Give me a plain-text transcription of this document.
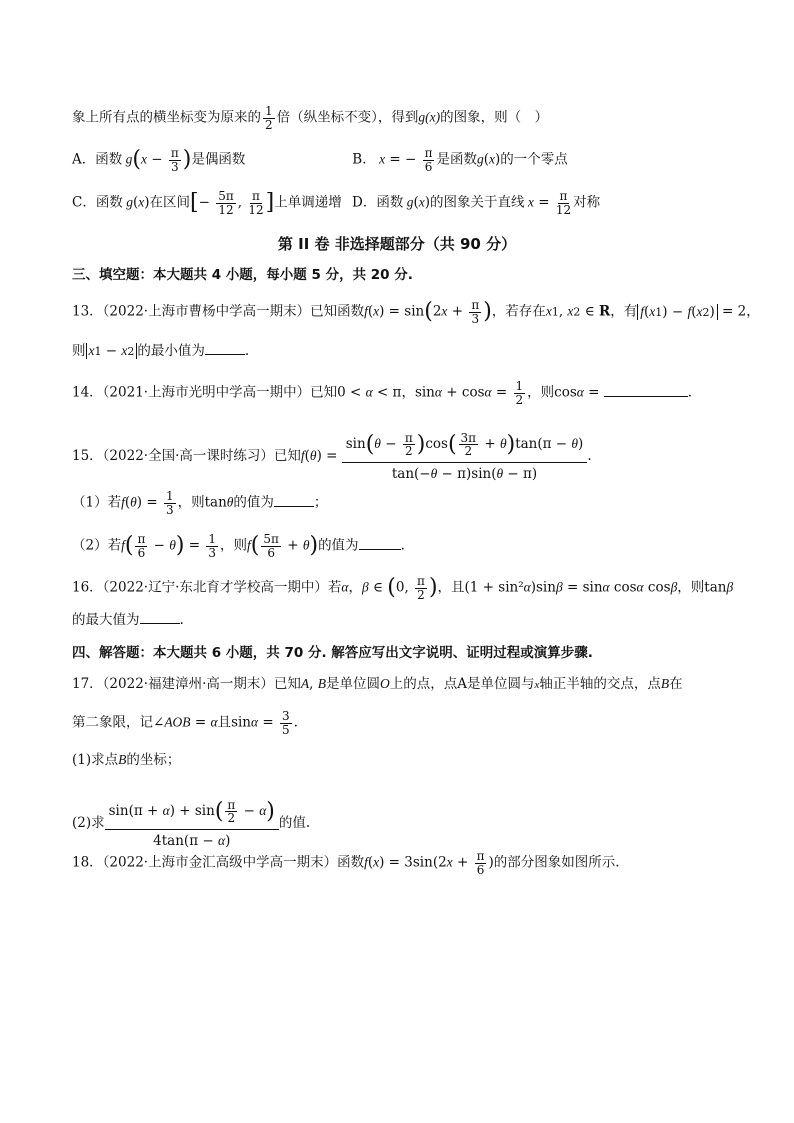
象上所有点的横坐标变为原来的 $\frac{1}{2}$ 倍（纵坐标不变），得到g(x)的图象，则（　）
A．函数 $g(x - \frac{\pi}{3}$ )是偶函数	B． x = − $\frac{\pi}{6}$ 是函数g(x)的一个零点
C．函数 g(x)在区间[− $\frac{5\pi}{12}$ , $\frac{\pi}{12}$ ]上单调递增 D．函数 g(x)的图象关于直线 $x = \frac{\pi}{12}$ 对称
第 II 卷 非选择题部分（共 90 分）
三、填空题：本大题共 4 小题，每小题 5 分，共 20 分.
13．（2022·上海市曹杨中学高一期末）已知函数$f(x) = \sin(2x + \frac{\pi}{3}$ )，若存在x1, x2 ∈ R，有 f(x1) − f(x2) = 2，
则 x1 − x2 的最小值为	.
14．（2021·上海市光明中学高一期中）已知0 < α < π，$\sin\alpha + \cos\alpha = \frac{1}{2}$ ，则cosα =	.
15．（2022·全国·高一课时练习）已知$f(\theta) = \frac{\sin(\theta - \frac{\pi}{2} )\cos( \frac{3\pi}{2} + \theta)\tan(\pi - \theta)}{\tan(-\theta - \pi)\sin(\theta - \pi)}$ .
（1）若$f(\theta) = \frac{1}{3}$ ，则tanθ的值为	；
（2）若$f( \frac{\pi}{6} - \theta) = \frac{1}{3}$ ，则$f( \frac{5\pi}{6} + \theta)$的值为	.
16．（2022·辽宁·东北育才学校高一期中）若α，β ∈ (0, $\frac{\pi}{2}$ )，且(1 + sin²α)sinβ = sinα cosα cosβ，则tanβ
的最大值为	.
四、解答题：本大题共 6 小题，共 70 分. 解答应写出文字说明、证明过程或演算步骤.
17．（2022·福建漳州·高一期末）已知A, B是单位圆O上的点，点A是单位圆与x轴正半轴的交点，点B在
第二象限，记∠AOB = α且$\sin\alpha = \frac{3}{5}$ .
(1)求点B的坐标；
(2)求 $\frac{\sin(\pi + \alpha) + \sin( \frac{\pi}{2} - \alpha)}{4\tan(\pi - \alpha)}$ 的值.
18．（2022·上海市金汇高级中学高一期末）函数$f(x) = 3\sin(2x + \frac{\pi}{6}$ )的部分图象如图所示.
